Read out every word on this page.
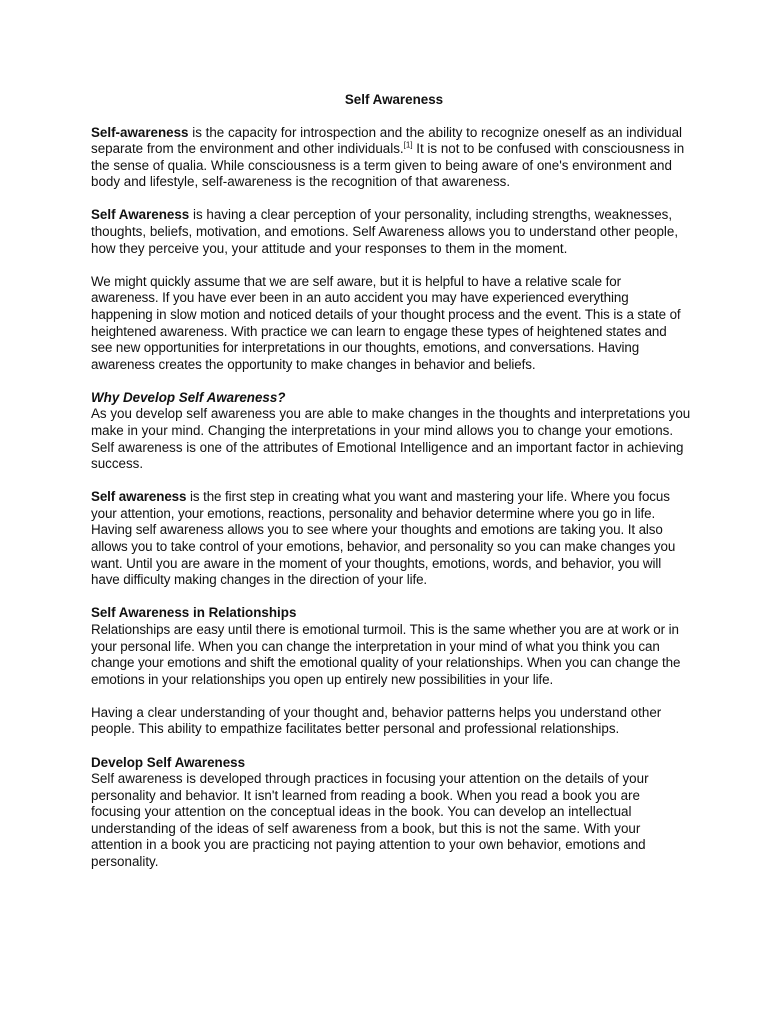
Self Awareness

Self-awareness is the capacity for introspection and the ability to recognize oneself as an individual separate from the environment and other individuals.[1] It is not to be confused with consciousness in the sense of qualia. While consciousness is a term given to being aware of one's environment and body and lifestyle, self-awareness is the recognition of that awareness.

Self Awareness is having a clear perception of your personality, including strengths, weaknesses, thoughts, beliefs, motivation, and emotions. Self Awareness allows you to understand other people, how they perceive you, your attitude and your responses to them in the moment.

We might quickly assume that we are self aware, but it is helpful to have a relative scale for awareness. If you have ever been in an auto accident you may have experienced everything happening in slow motion and noticed details of your thought process and the event. This is a state of heightened awareness. With practice we can learn to engage these types of heightened states and see new opportunities for interpretations in our thoughts, emotions, and conversations. Having awareness creates the opportunity to make changes in behavior and beliefs.

Why Develop Self Awareness?

As you develop self awareness you are able to make changes in the thoughts and interpretations you make in your mind. Changing the interpretations in your mind allows you to change your emotions. Self awareness is one of the attributes of Emotional Intelligence and an important factor in achieving success.

Self awareness is the first step in creating what you want and mastering your life. Where you focus your attention, your emotions, reactions, personality and behavior determine where you go in life. Having self awareness allows you to see where your thoughts and emotions are taking you. It also allows you to take control of your emotions, behavior, and personality so you can make changes you want. Until you are aware in the moment of your thoughts, emotions, words, and behavior, you will have difficulty making changes in the direction of your life.

Self Awareness in Relationships

Relationships are easy until there is emotional turmoil. This is the same whether you are at work or in your personal life. When you can change the interpretation in your mind of what you think you can change your emotions and shift the emotional quality of your relationships. When you can change the emotions in your relationships you open up entirely new possibilities in your life.

Having a clear understanding of your thought and, behavior patterns helps you understand other people. This ability to empathize facilitates better personal and professional relationships.

Develop Self Awareness

Self awareness is developed through practices in focusing your attention on the details of your personality and behavior. It isn't learned from reading a book. When you read a book you are focusing your attention on the conceptual ideas in the book. You can develop an intellectual understanding of the ideas of self awareness from a book, but this is not the same. With your attention in a book you are practicing not paying attention to your own behavior, emotions and personality.
